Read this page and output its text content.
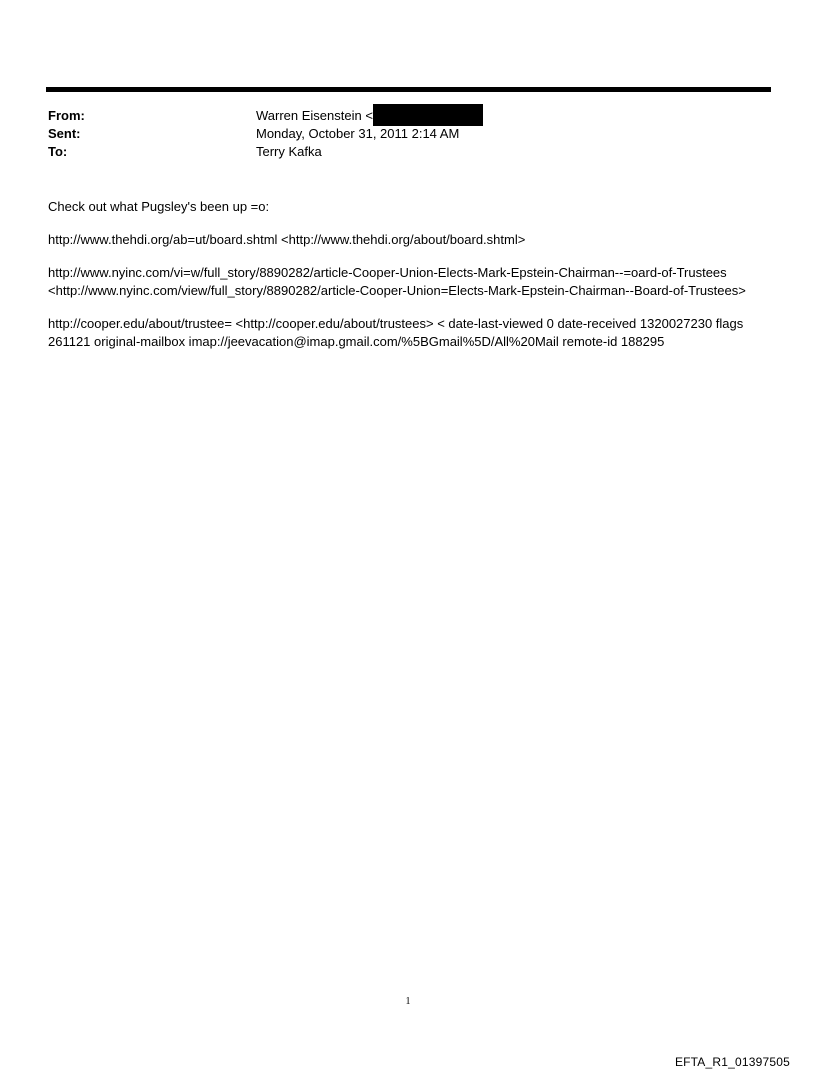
From:	Warren Eisenstein <
Sent:	Monday, October 31, 2011 2:14 AM
To:	Terry Kafka

Check out what Pugsley's been up =o:

http://www.thehdi.org/ab=ut/board.shtml <http://www.thehdi.org/about/board.shtml>

http://www.nyinc.com/vi=w/full_story/8890282/article-Cooper-Union-Elects-Mark-Epstein-Chairman--=oard-of-Trustees <http://www.nyinc.com/view/full_story/8890282/article-Cooper-Union=Elects-Mark-Epstein-Chairman--Board-of-Trustees>

http://cooper.edu/about/trustee= <http://cooper.edu/about/trustees> < date-last-viewed 0 date-received 1320027230 flags 261121 original-mailbox imap://jeevacation@imap.gmail.com/%5BGmail%5D/All%20Mail remote-id 188295

1
EFTA_R1_01397505
